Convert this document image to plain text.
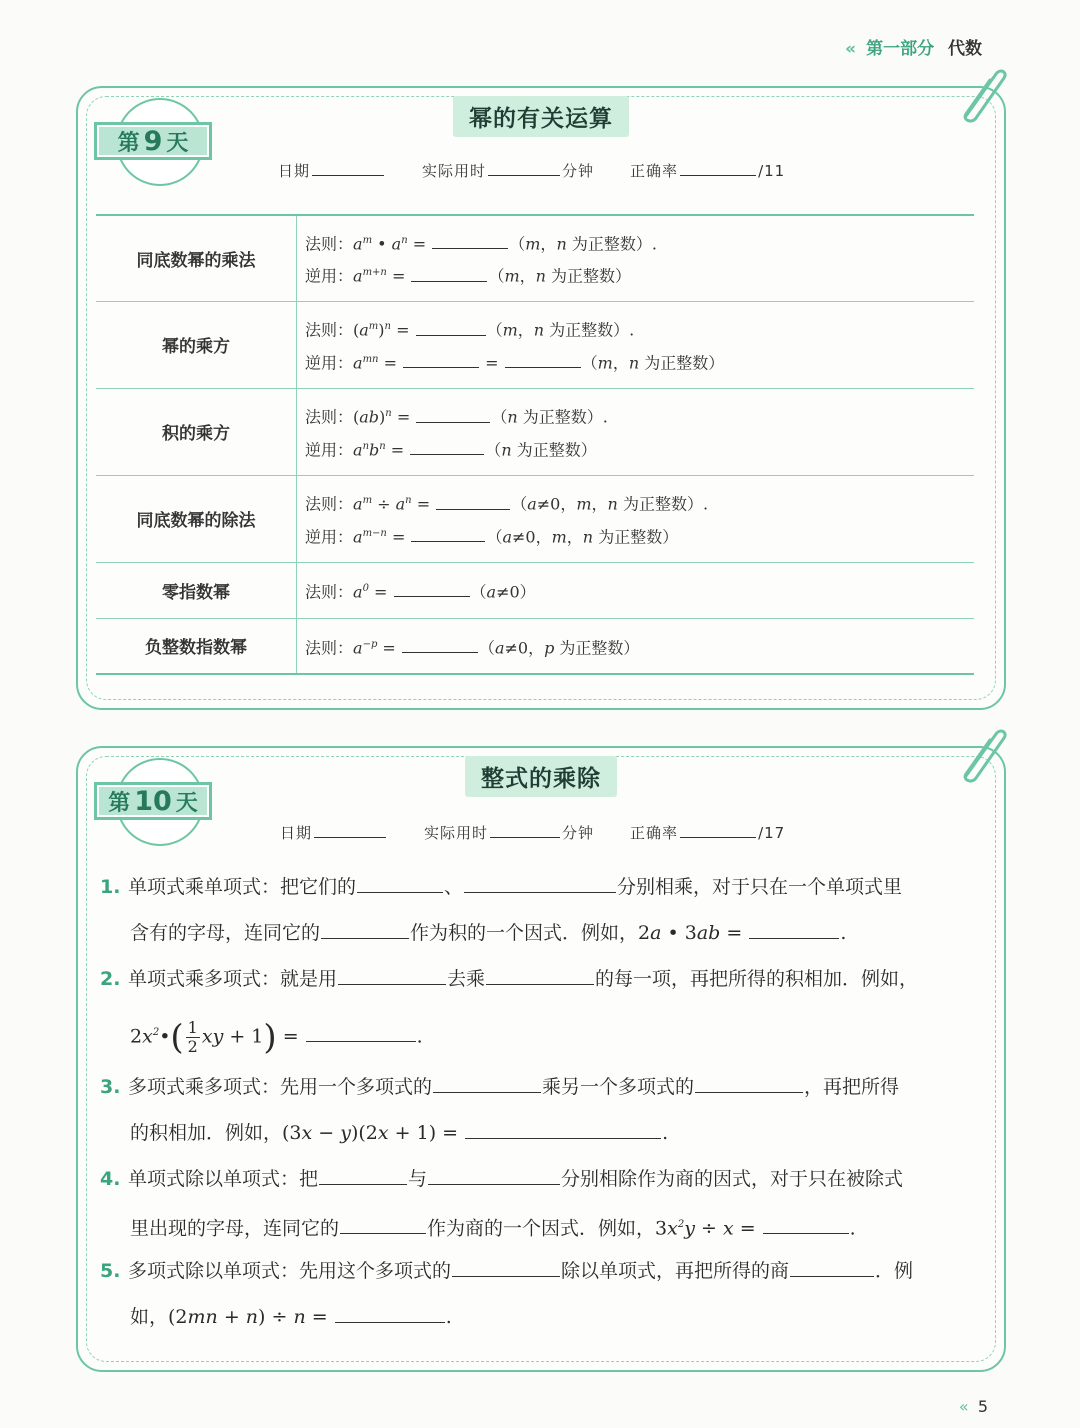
« 第一部分 代数
幂的有关运算
第 9 天
日期	实际用时	分钟 正确率	/11
同底数幂的乘法	法则：$a^m$ • $a^n = (m$，n 为正整数）.
逆用：$a^{m+n} = (m$，n 为正整数）

幂的乘方	法则：$(a^m)^n = (m$，n 为正整数）.
逆用：$a^{mn}$ = = （m，n 为正整数）

积的乘方	法则：(ab)$^n$ = （n 为正整数）.
逆用：$a^nb^n = (n$ 为正整数）

同底数幂的除法	法则：$a^m \div a^n = (a\ne 0$，m，n 为正整数）.
逆用：$a^{m-n} = (a\ne 0$，m，n 为正整数）

零指数幂	法则：$a^0 = (a\ne 0)$

负整数指数幂	法则：$a^{-p} = (a\ne 0$，p 为正整数）
整式的乘除
第 10 天
日期	实际用时	分钟 正确率	/17
1. 单项式乘单项式：把它们的	、	分别相乘，对于只在一个单项式里
含有的字母，连同它的	作为积的一个因式．例如，2a • 3ab =	.
2. 单项式乘多项式：就是用	去乘	的每一项，再把所得的积相加．例如，
$2x^2•( \frac{1}{2}$ xy + 1) =	.
3. 多项式乘多项式：先用一个多项式的	乘另一个多项式的	，再把所得
的积相加．例如，(3x − y)(2x + 1) =	.
4. 单项式除以单项式：把	与	分别相除作为商的因式，对于只在被除式
里出现的字母，连同它的	作为商的一个因式．例如，$3x^2y \div x$ =	.
5. 多项式除以单项式：先用这个多项式的	除以单项式，再把所得的商	．例
如，(2mn + n) ÷ n =	.
« 5
